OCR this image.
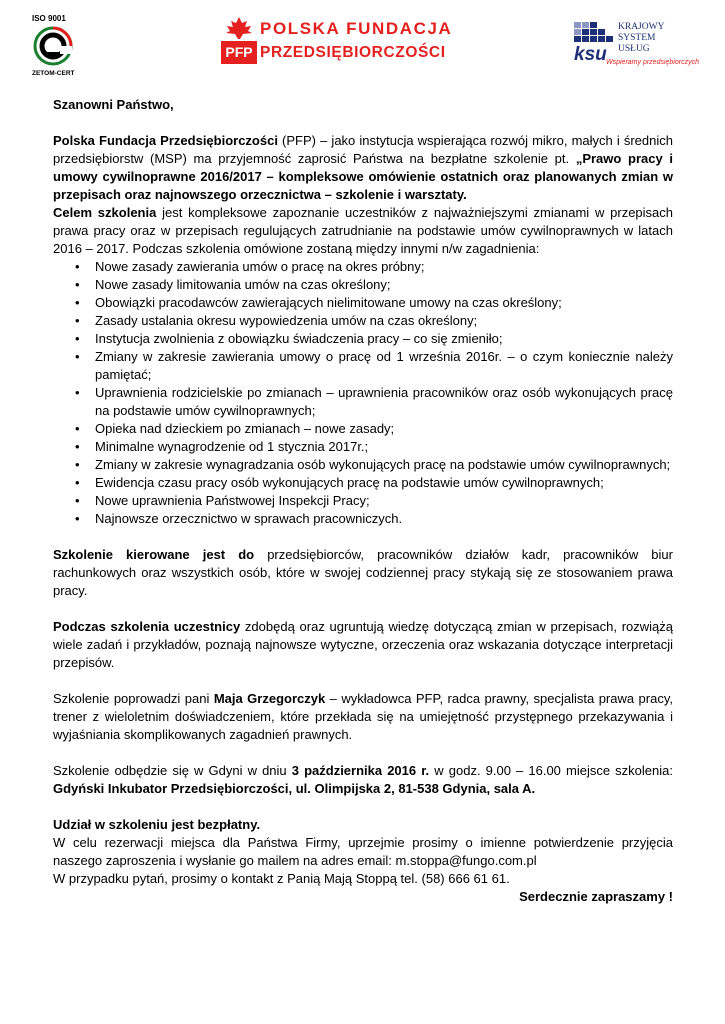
ISO 9001
ZETOM-CERT
PFP
POLSKA FUNDACJA
PRZEDSIĘBIORCZOŚCI	ksu
KRAJOWY
SYSTEM
USŁUG
Wspieramy przedsiębiorczych

Szanowni Państwo,

Polska Fundacja Przedsiębiorczości (PFP) – jako instytucja wspierająca rozwój mikro, małych i średnich przedsiębiorstw (MSP) ma przyjemność zaprosić Państwa na bezpłatne szkolenie pt. „Prawo pracy i umowy cywilnoprawne 2016/2017 – kompleksowe omówienie ostatnich oraz planowanych zmian w przepisach oraz najnowszego orzecznictwa – szkolenie i warsztaty.

Celem szkolenia jest kompleksowe zapoznanie uczestników z najważniejszymi zmianami w przepisach prawa pracy oraz w przepisach regulujących zatrudnianie na podstawie umów cywilnoprawnych w latach 2016 – 2017. Podczas szkolenia omówione zostaną między innymi n/w zagadnienia:

• Nowe zasady zawierania umów o pracę na okres próbny;
• Nowe zasady limitowania umów na czas określony;
• Obowiązki pracodawców zawierających nielimitowane umowy na czas określony;
• Zasady ustalania okresu wypowiedzenia umów na czas określony;
• Instytucja zwolnienia z obowiązku świadczenia pracy – co się zmieniło;
• Zmiany w zakresie zawierania umowy o pracę od 1 września 2016r. – o czym koniecznie należy pamiętać;
• Uprawnienia rodzicielskie po zmianach – uprawnienia pracowników oraz osób wykonujących pracę na podstawie umów cywilnoprawnych;
• Opieka nad dzieckiem po zmianach – nowe zasady;
• Minimalne wynagrodzenie od 1 stycznia 2017r.;
• Zmiany w zakresie wynagradzania osób wykonujących pracę na podstawie umów cywilnoprawnych;
• Ewidencja czasu pracy osób wykonujących pracę na podstawie umów cywilnoprawnych;
• Nowe uprawnienia Państwowej Inspekcji Pracy;
• Najnowsze orzecznictwo w sprawach pracowniczych.

Szkolenie kierowane jest do przedsiębiorców, pracowników działów kadr, pracowników biur rachunkowych oraz wszystkich osób, które w swojej codziennej pracy stykają się ze stosowaniem prawa pracy.

Podczas szkolenia uczestnicy zdobędą oraz ugruntują wiedzę dotyczącą zmian w przepisach, rozwiążą wiele zadań i przykładów, poznają najnowsze wytyczne, orzeczenia oraz wskazania dotyczące interpretacji przepisów.

Szkolenie poprowadzi pani Maja Grzegorczyk – wykładowca PFP, radca prawny, specjalista prawa pracy, trener z wieloletnim doświadczeniem, które przekłada się na umiejętność przystępnego przekazywania i wyjaśniania skomplikowanych zagadnień prawnych.

Szkolenie odbędzie się w Gdyni w dniu 3 października 2016 r. w godz. 9.00 – 16.00 miejsce szkolenia: Gdyński Inkubator Przedsiębiorczości, ul. Olimpijska 2, 81-538 Gdynia, sala A.

Udział w szkoleniu jest bezpłatny.

W celu rezerwacji miejsca dla Państwa Firmy, uprzejmie prosimy o imienne potwierdzenie przyjęcia naszego zaproszenia i wysłanie go mailem na adres email: m.stoppa@fungo.com.pl

W przypadku pytań, prosimy o kontakt z Panią Mają Stoppą tel. (58) 666 61 61.

Serdecznie zapraszamy !
